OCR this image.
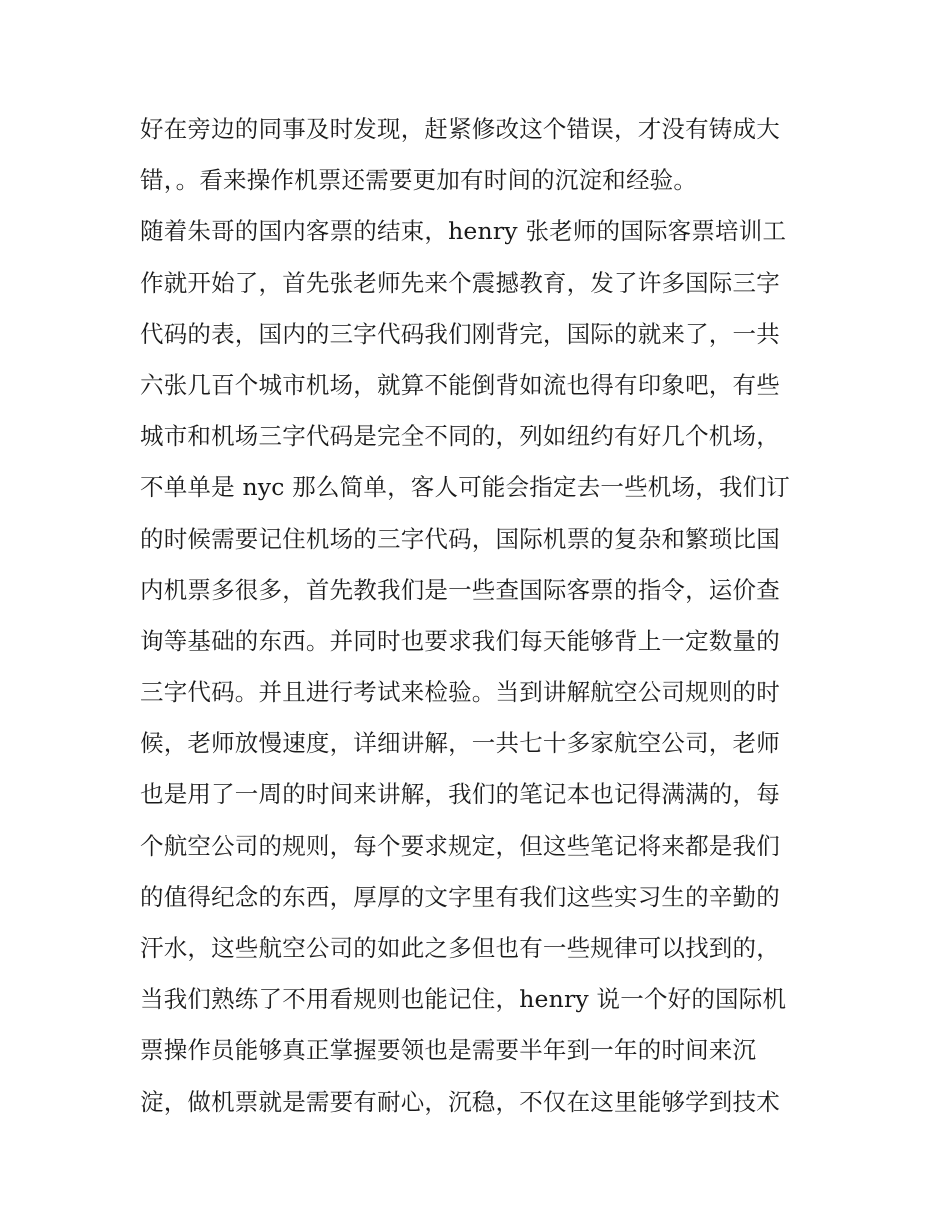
好在旁边的同事及时发现，赶紧修改这个错误，才没有铸成大
错，。看来操作机票还需要更加有时间的沉淀和经验。
随着朱哥的国内客票的结束，henry 张老师的国际客票培训工
作就开始了，首先张老师先来个震撼教育，发了许多国际三字
代码的表，国内的三字代码我们刚背完，国际的就来了，一共
六张几百个城市机场，就算不能倒背如流也得有印象吧，有些
城市和机场三字代码是完全不同的，列如纽约有好几个机场，
不单单是 nyc 那么简单，客人可能会指定去一些机场，我们订
的时候需要记住机场的三字代码，国际机票的复杂和繁琐比国
内机票多很多，首先教我们是一些查国际客票的指令，运价查
询等基础的东西。并同时也要求我们每天能够背上一定数量的
三字代码。并且进行考试来检验。当到讲解航空公司规则的时
候，老师放慢速度，详细讲解，一共七十多家航空公司，老师
也是用了一周的时间来讲解，我们的笔记本也记得满满的，每
个航空公司的规则，每个要求规定，但这些笔记将来都是我们
的值得纪念的东西，厚厚的文字里有我们这些实习生的辛勤的
汗水，这些航空公司的如此之多但也有一些规律可以找到的，
当我们熟练了不用看规则也能记住，henry 说一个好的国际机
票操作员能够真正掌握要领也是需要半年到一年的时间来沉
淀，做机票就是需要有耐心，沉稳，不仅在这里能够学到技术
